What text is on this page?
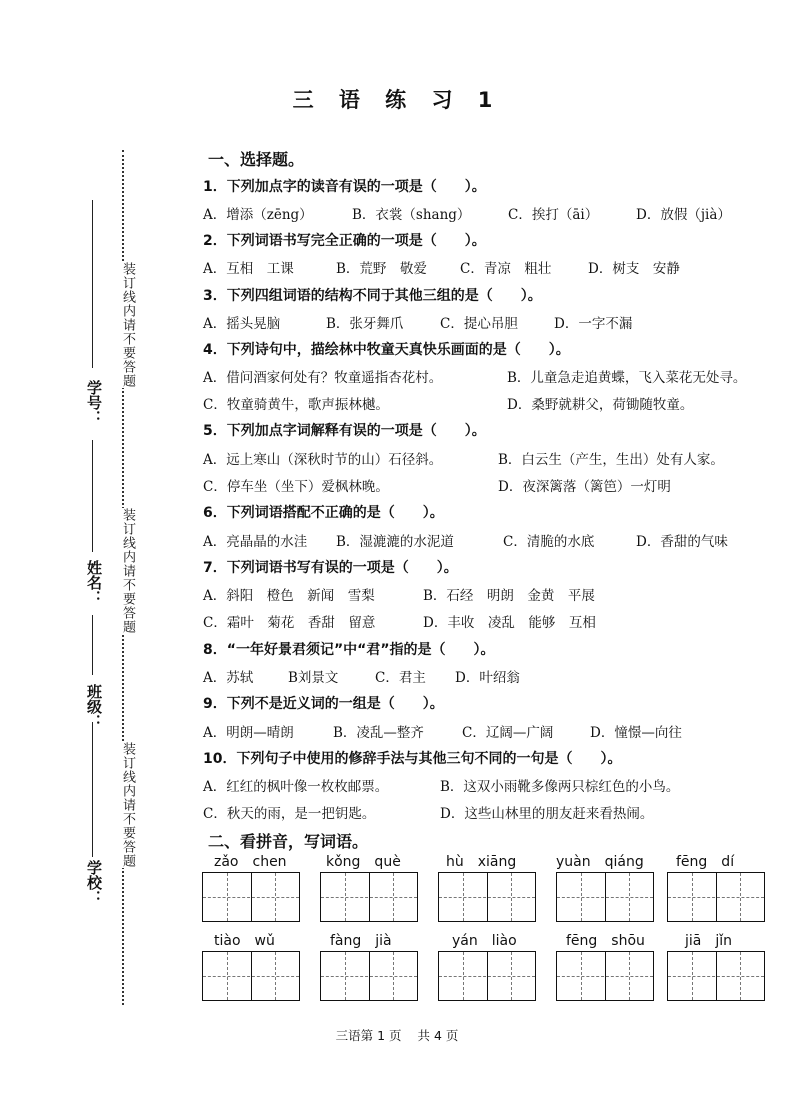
装订线内请不要答题
装订线内请不要答题
装订线内请不要答题
学号：
姓名：
班级：
学校：
三 语 练 习 1
一、选择题。
1．下列加点字的读音有误的一项是（　　）。
A．增添（zēng）	B．衣裳（shang）	C．挨打（āi）	D．放假（jià）
2．下列词语书写完全正确的一项是（　　）。
A．互相　工课	B．荒野　敬爱 C．青凉　粗壮	D．树支　安静
3．下列四组词语的结构不同于其他三组的是（　　）。
A．摇头晃脑	B．张牙舞爪	C．提心吊胆	D．一字不漏
4．下列诗句中，描绘林中牧童天真快乐画面的是（　　）。
A．借问酒家何处有？牧童遥指杏花村。	B．儿童急走追黄蝶，飞入菜花无处寻。
C．牧童骑黄牛，歌声振林樾。	D．桑野就耕父，荷锄随牧童。
5．下列加点字词解释有误的一项是（　　）。
A．远上寒山（深秋时节的山）石径斜。	B．白云生（产生，生出）处有人家。
C．停车坐（坐下）爱枫林晚。	D．夜深篱落（篱笆）一灯明
6．下列词语搭配不正确的是（　　）。
A．亮晶晶的水洼 B．湿漉漉的水泥道	C．清脆的水底	D．香甜的气味
7．下列词语书写有误的一项是（　　）。
A．斜阳　橙色　新闻　雪梨	B．石经　明朗　金黄　平展
C．霜叶　菊花　香甜　留意	D．丰收　凌乱　能够　互相
8．“一年好景君须记”中“君”指的是（　　）。
A．苏轼	B刘景文	C．君主 D．叶绍翁
9．下列不是近义词的一组是（　　）。
A．明朗—晴朗	B．凌乱—整齐	C．辽阔—广阔	D．憧憬—向往
10．下列句子中使用的修辞手法与其他三句不同的一句是（　　）。
A．红红的枫叶像一枚枚邮票。	B．这双小雨靴多像两只棕红色的小鸟。
C．秋天的雨，是一把钥匙。	D．这些山林里的朋友赶来看热闹。
二、看拼音，写词语。
zǎo　chen	kǒng　què	hù　xiāng	yuàn　qiáng fēng　dí
tiào　wǔ	fàng　jià	yán　liào	fēng　shōu	jiā　jǐn
三语第 1 页 共 4 页
